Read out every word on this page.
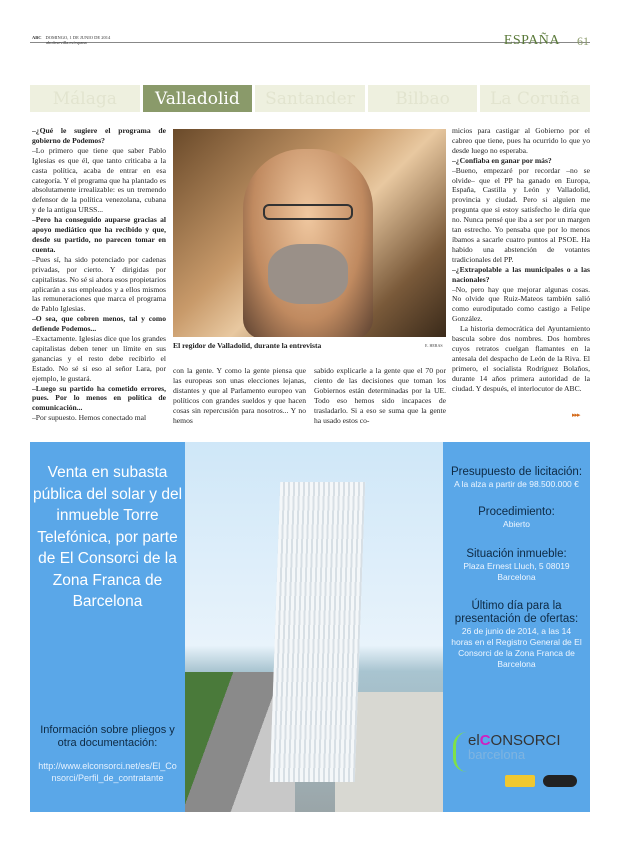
ABC DOMINGO, 1 DE JUNIO DE 2014
abcdesevilla.es/espana	ESPAÑA 61
Málaga	Valladolid	Santander	Bilbao	La Coruña

–¿Qué le sugiere el programa de gobierno de Podemos?

–Lo primero que tiene que saber Pablo Iglesias es que él, que tanto criticaba a la casta política, acaba de entrar en esa categoría. Y el programa que ha plantado es absolutamente irrealizable: es un tremendo defensor de la política venezolana, cubana y de la antigua URSS...

–Pero ha conseguido auparse gracias al apoyo mediático que ha recibido y que, desde su partido, no parecen tomar en cuenta.

–Pues sí, ha sido potenciado por cadenas privadas, por cierto. Y dirigidas por capitalistas. No sé si ahora esos propietarios aplicarán a sus empleados y a ellos mismos las remuneraciones que marca el programa de Pablo Iglesias.

–O sea, que cobren menos, tal y como defiende Podemos...

–Exactamente. Iglesias dice que los grandes capitalistas deben tener un límite en sus ganancias y el resto debe recibirlo el Estado. No sé si eso al señor Lara, por ejemplo, le gustará.

–Luego su partido ha cometido errores, pues. Por lo menos en política de comunicación...

–Por supuesto. Hemos conectado mal

El regidor de Valladolid, durante la entrevista	E. HERAS
con la gente. Y como la gente piensa que las europeas son unas elecciones lejanas, distantes y que al Parlamento europeo van políticos con grandes sueldos y que hacen cosas sin repercusión para nosotros... Y no hemos
sabido explicarle a la gente que el 70 por ciento de las decisiones que toman los Gobiernos están determinadas por la UE. Todo eso hemos sido incapaces de trasladarlo. Si a eso se suma que la gente ha usado estos co-

micios para castigar al Gobierno por el cabreo que tiene, pues ha ocurrido lo que yo desde luego no esperaba.

–¿Confiaba en ganar por más?

–Bueno, empezaré por recordar –no se olvide– que el PP ha ganado en Europa, España, Castilla y León y Valladolid, provincia y ciudad. Pero si alguien me pregunta que si estoy satisfecho le diría que no. Nunca pensé que iba a ser por un margen tan estrecho. Yo pensaba que por lo menos íbamos a sacarle cuatro puntos al PSOE. Ha habido una abstención de votantes tradicionales del PP.

–¿Extrapolable a las municipales o a las nacionales?

–No, pero hay que mejorar algunas cosas. No olvide que Ruiz-Mateos también salió como eurodiputado como castigo a Felipe González.

La historia democrática del Ayuntamiento bascula sobre dos nombres. Dos hombres cuyos retratos cuelgan flamantes en la antesala del despacho de León de la Riva. El primero, el socialista Rodríguez Bolaños, durante 14 años primera autoridad de la ciudad. Y después, el interlocutor de ABC.

▸▸▸
Venta en subasta pública del solar y del inmueble Torre Telefónica, por parte de El Consorci de la Zona Franca de Barcelona
Información sobre pliegos y otra documentación:
http://www.elconsorci.net/es/El_Consorci/Perfil_de_contratante
Presupuesto de licitación:
A la alza a partir de 98.500.000 €
Procedimiento:
Abierto
Situación inmueble:
Plaza Ernest Lluch, 5 08019 Barcelona
Último día para la presentación de ofertas:
26 de junio de 2014, a las 14 horas en el Registro General de El Consorci de la Zona Franca de Barcelona
elCONSORCI
barcelona
